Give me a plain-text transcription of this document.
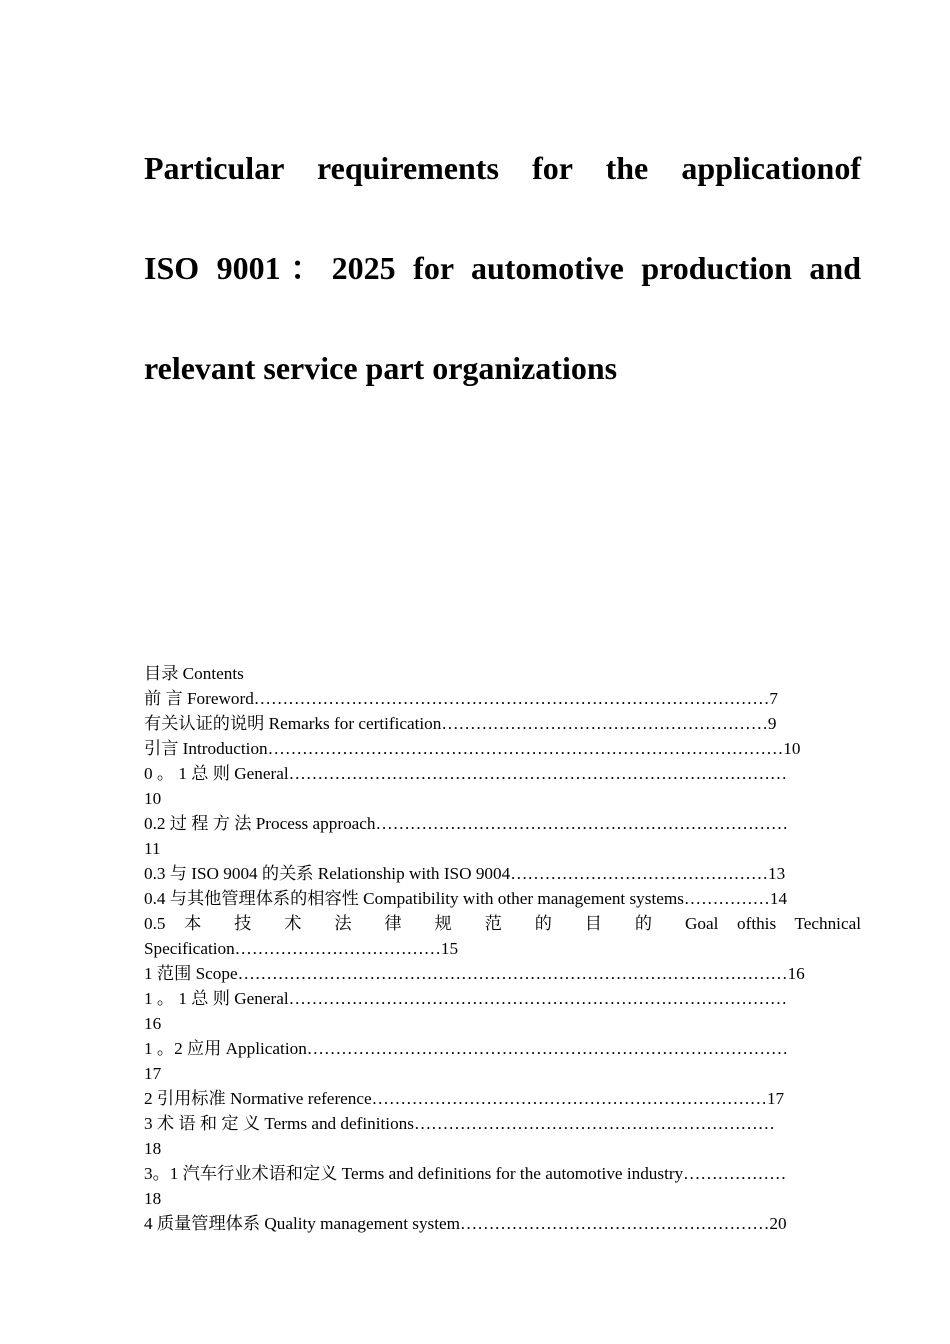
Particular requirements for the applicationof
ISO 9001：2025 for automotive production and
relevant service part organizations
目录 Contents
前 言 Foreword………………………………………………………………………………7
有关认证的说明 Remarks for certification…………………………………………………9
引言 Introduction………………………………………………………………………………10
0 。 1 总 则 General……………………………………………………………………………
10
0.2 过 程 方 法 Process approach………………………………………………………………
11
0.3 与 ISO 9004 的关系 Relationship with ISO 9004………………………………………13
0.4 与其他管理体系的相容性 Compatibility with other management systems……………14
0.5 本 技 术 法 律 规 范 的 目 的 Goal ofthis Technical
Specification………………………………15
1 范围 Scope……………………………………………………………………………………16
1 。 1 总 则 General……………………………………………………………………………
16
1 。2 应用 Application…………………………………………………………………………
17
2 引用标准 Normative reference……………………………………………………………17
3 术 语 和 定 义 Terms and definitions………………………………………………………
18
3。1 汽车行业术语和定义 Terms and definitions for the automotive industry………………
18
4 质量管理体系 Quality management system………………………………………………20
